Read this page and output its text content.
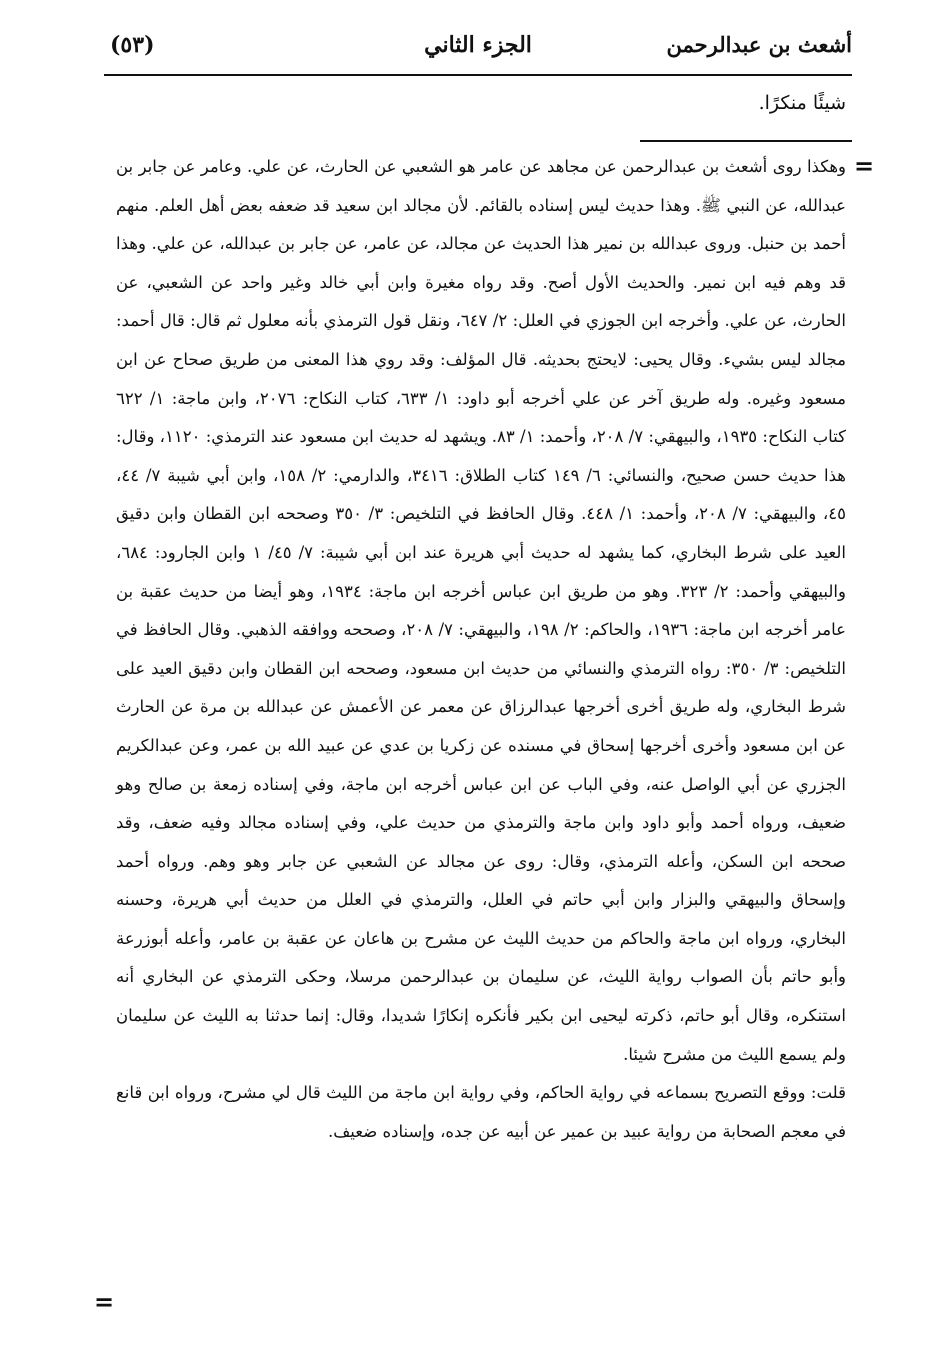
أشعث بن عبدالرحمن
الجزء الثاني
(٥٣)
شيئًا منكرًا.
=

وهكذا روى أشعث بن عبدالرحمن عن مجاهد عن عامر هو الشعبي عن الحارث، عن علي. وعامر عن جابر بن عبدالله، عن النبي ﷺ. وهذا حديث ليس إسناده بالقائم. لأن مجالد ابن سعيد قد ضعفه بعض أهل العلم. منهم أحمد بن حنبل. وروى عبدالله بن نمير هذا الحديث عن مجالد، عن عامر، عن جابر بن عبدالله، عن علي. وهذا قد وهم فيه ابن نمير. والحديث الأول أصح. وقد رواه مغيرة وابن أبي خالد وغير واحد عن الشعبي، عن الحارث، عن علي. وأخرجه ابن الجوزي في العلل: ٢/ ٦٤٧، ونقل قول الترمذي بأنه معلول ثم قال: قال أحمد: مجالد ليس بشيء. وقال يحيى: لايحتج بحديثه. قال المؤلف: وقد روي هذا المعنى من طريق صحاح عن ابن مسعود وغيره. وله طريق آخر عن علي أخرجه أبو داود: ١/ ٦٣٣، كتاب النكاح: ٢٠٧٦، وابن ماجة: ١/ ٦٢٢ كتاب النكاح: ١٩٣٥، والبيهقي: ٧/ ٢٠٨، وأحمد: ١/ ٨٣. ويشهد له حديث ابن مسعود عند الترمذي: ١١٢٠، وقال: هذا حديث حسن صحيح، والنسائي: ٦/ ١٤٩ كتاب الطلاق: ٣٤١٦، والدارمي: ٢/ ١٥٨، وابن أبي شيبة ٧/ ٤٤، ٤٥، والبيهقي: ٧/ ٢٠٨، وأحمد: ١/ ٤٤٨. وقال الحافظ في التلخيص: ٣/ ٣٥٠ وصححه ابن القطان وابن دقيق العيد على شرط البخاري، كما يشهد له حديث أبي هريرة عند ابن أبي شيبة: ٧/ ٤٥/ ١ وابن الجارود: ٦٨٤، والبيهقي وأحمد: ٢/ ٣٢٣. وهو من طريق ابن عباس أخرجه ابن ماجة: ١٩٣٤، وهو أيضا من حديث عقبة بن عامر أخرجه ابن ماجة: ١٩٣٦، والحاكم: ٢/ ١٩٨، والبيهقي: ٧/ ٢٠٨، وصححه ووافقه الذهبي. وقال الحافظ في التلخيص: ٣/ ٣٥٠: رواه الترمذي والنسائي من حديث ابن مسعود، وصححه ابن القطان وابن دقيق العيد على شرط البخاري، وله طريق أخرى أخرجها عبدالرزاق عن معمر عن الأعمش عن عبدالله بن مرة عن الحارث عن ابن مسعود وأخرى أخرجها إسحاق في مسنده عن زكريا بن عدي عن عبيد الله بن عمر، وعن عبدالكريم الجزري عن أبي الواصل عنه، وفي الباب عن ابن عباس أخرجه ابن ماجة، وفي إسناده زمعة بن صالح وهو ضعيف، ورواه أحمد وأبو داود وابن ماجة والترمذي من حديث علي، وفي إسناده مجالد وفيه ضعف، وقد صححه ابن السكن، وأعله الترمذي، وقال: روى عن مجالد عن الشعبي عن جابر وهو وهم. ورواه أحمد وإسحاق والبيهقي والبزار وابن أبي حاتم في العلل، والترمذي في العلل من حديث أبي هريرة، وحسنه البخاري، ورواه ابن ماجة والحاكم من حديث الليث عن مشرح بن هاعان عن عقبة بن عامر، وأعله أبوزرعة وأبو حاتم بأن الصواب رواية الليث، عن سليمان بن عبدالرحمن مرسلا، وحكى الترمذي عن البخاري أنه استنكره، وقال أبو حاتم، ذكرته ليحيى ابن بكير فأنكره إنكارًا شديدا، وقال: إنما حدثنا به الليث عن سليمان ولم يسمع الليث من مشرح شيئا.

قلت: ووقع التصريح بسماعه في رواية الحاكم، وفي رواية ابن ماجة من الليث قال لي مشرح، ورواه ابن قانع في معجم الصحابة من رواية عبيد بن عمير عن أبيه عن جده، وإسناده ضعيف.

=
